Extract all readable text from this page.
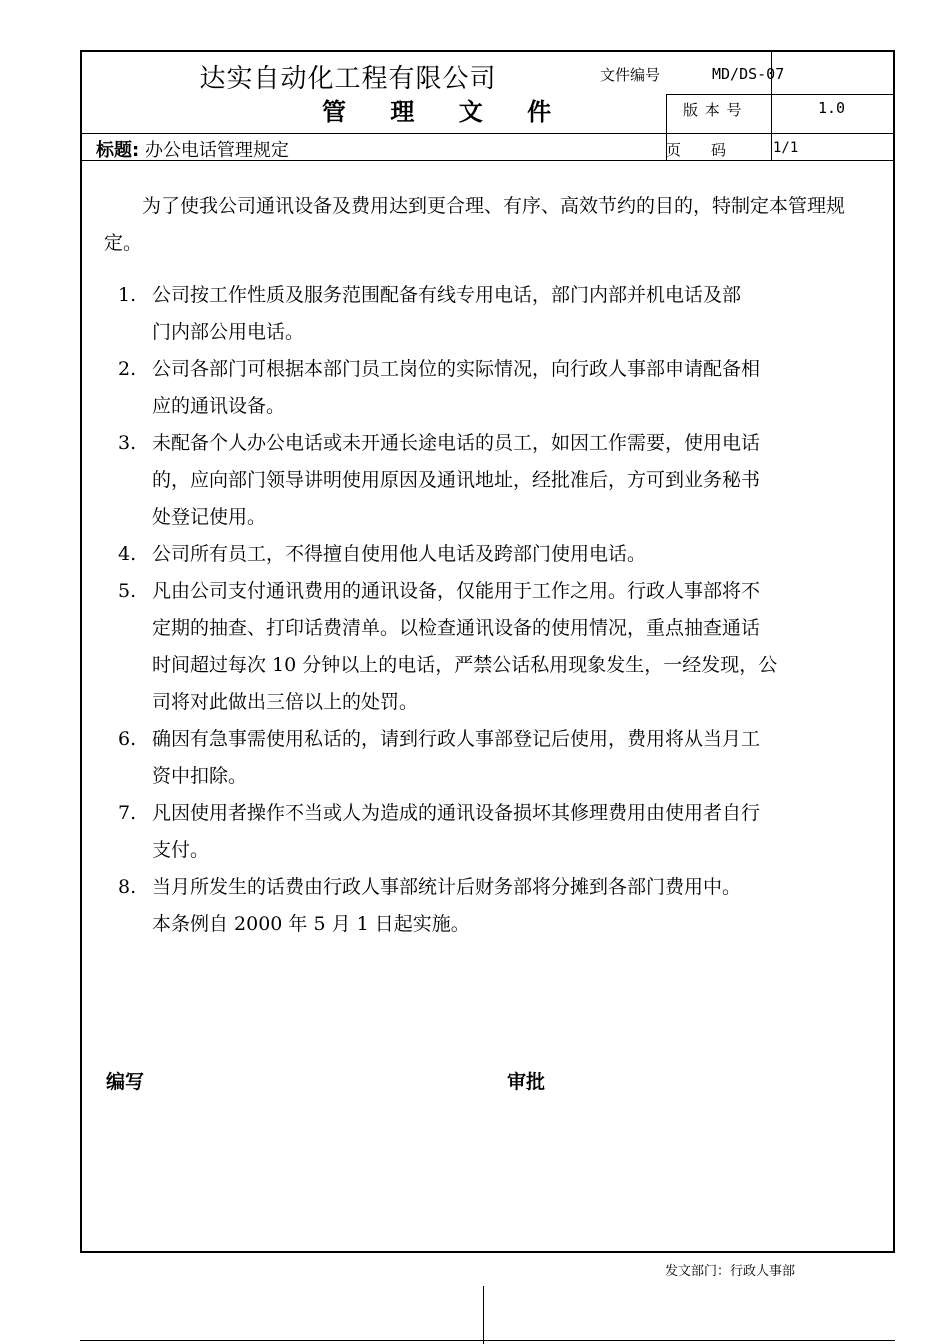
达实自动化工程有限公司
管 理 文 件
文件编号	MD/DS-07
版 本 号	1.0
页　　码	1/1
标题: 办公电话管理规定

为了使我公司通讯设备及费用达到更合理、有序、高效节约的目的，特制定本管理规定。

1. 公司按工作性质及服务范围配备有线专用电话，部门内部并机电话及部
门内部公用电话。
2. 公司各部门可根据本部门员工岗位的实际情况，向行政人事部申请配备相
应的通讯设备。
3. 未配备个人办公电话或未开通长途电话的员工，如因工作需要，使用电话
的，应向部门领导讲明使用原因及通讯地址，经批准后，方可到业务秘书
处登记使用。
4. 公司所有员工，不得擅自使用他人电话及跨部门使用电话。
5. 凡由公司支付通讯费用的通讯设备，仅能用于工作之用。行政人事部将不
定期的抽查、打印话费清单。以检查通讯设备的使用情况，重点抽查通话
时间超过每次 10 分钟以上的电话，严禁公话私用现象发生，一经发现，公
司将对此做出三倍以上的处罚。
6. 确因有急事需使用私话的，请到行政人事部登记后使用，费用将从当月工
资中扣除。
7. 凡因使用者操作不当或人为造成的通讯设备损坏其修理费用由使用者自行
支付。
8. 当月所发生的话费由行政人事部统计后财务部将分摊到各部门费用中。
本条例自 2000 年 5 月 1 日起实施。
编写	审批
发文部门：行政人事部
